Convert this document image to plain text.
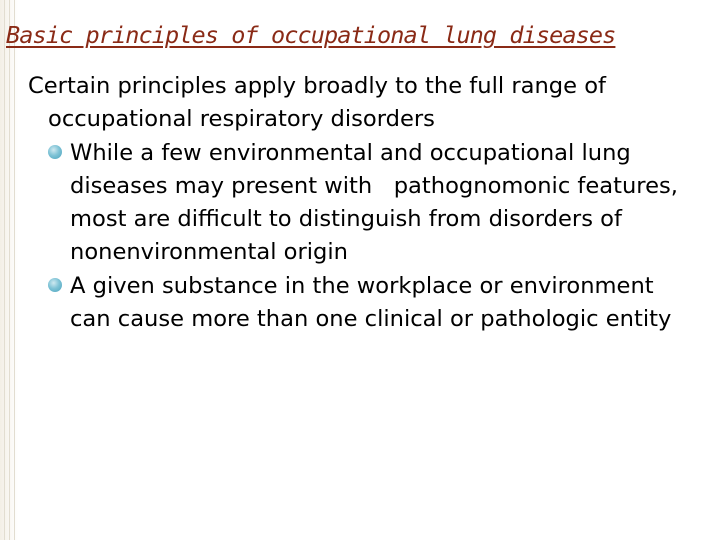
Basic principles of occupational lung diseases

Certain principles apply broadly to the full range of occupational respiratory disorders

While a few environmental and occupational lung diseases may present with   pathognomonic features, most are difficult to distinguish from disorders of nonenvironmental origin

A given substance in the workplace or environment can cause more than one clinical or pathologic entity
